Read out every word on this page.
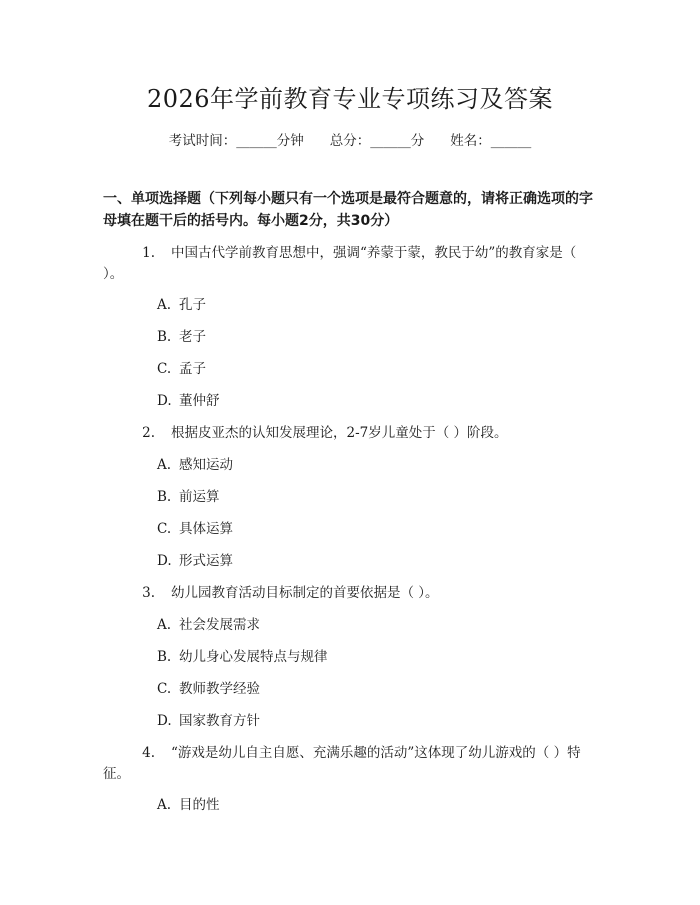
2026年学前教育专业专项练习及答案
考试时间：______分钟 总分：______分 姓名：______

一、单项选择题（下列每小题只有一个选项是最符合题意的，请将正确选项的字母填在题干后的括号内。每小题2分，共30分）

1. 中国古代学前教育思想中，强调“养蒙于蒙，教民于幼”的教育家是（ ）。
A. 孔子
B. 老子
C. 孟子
D. 董仲舒
2. 根据皮亚杰的认知发展理论，2-7岁儿童处于（ ）阶段。
A. 感知运动
B. 前运算
C. 具体运算
D. 形式运算
3. 幼儿园教育活动目标制定的首要依据是（ ）。
A. 社会发展需求
B. 幼儿身心发展特点与规律
C. 教师教学经验
D. 国家教育方针
4. “游戏是幼儿自主自愿、充满乐趣的活动”这体现了幼儿游戏的（ ）特征。
A. 目的性
